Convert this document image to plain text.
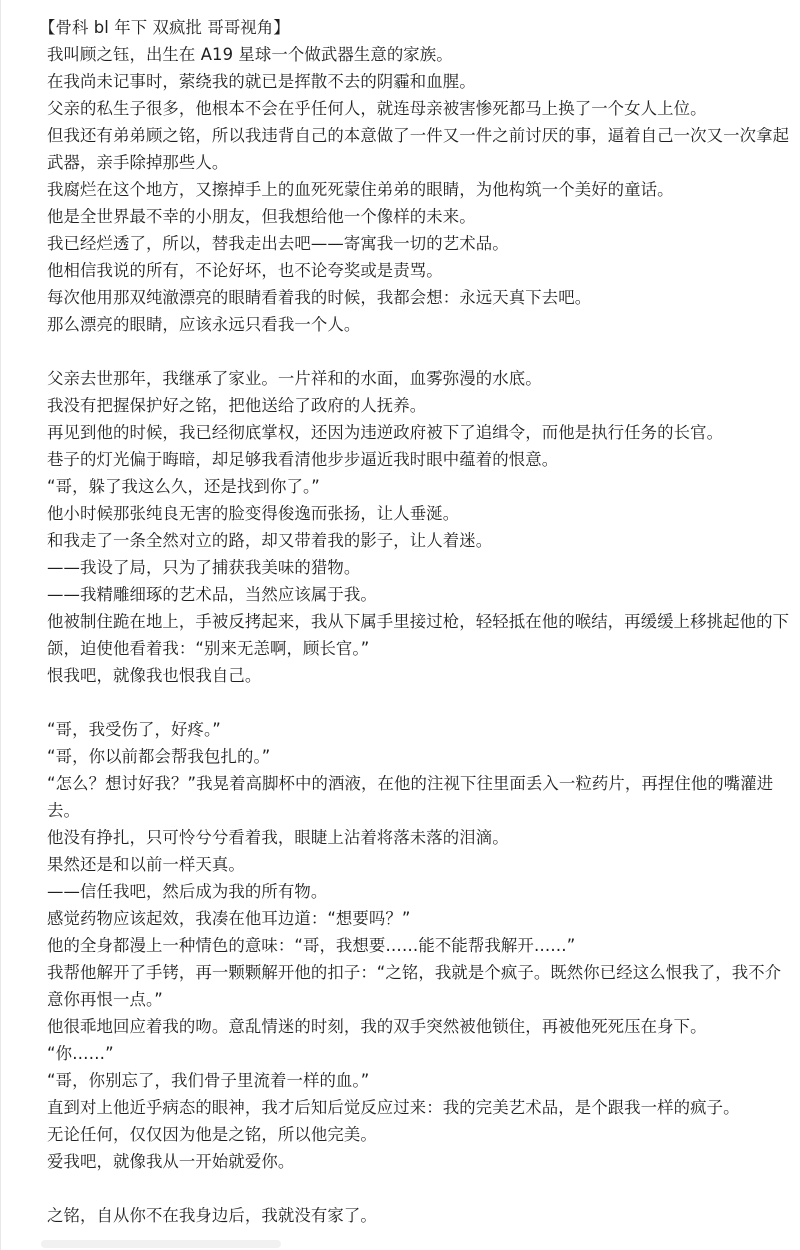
【骨科 bl 年下 双疯批 哥哥视角】

我叫顾之钰，出生在 A19 星球一个做武器生意的家族。

在我尚未记事时，萦绕我的就已是挥散不去的阴霾和血腥。

父亲的私生子很多，他根本不会在乎任何人，就连母亲被害惨死都马上换了一个女人上位。

但我还有弟弟顾之铭，所以我违背自己的本意做了一件又一件之前讨厌的事，逼着自己一次又一次拿起武器，亲手除掉那些人。

我腐烂在这个地方，又擦掉手上的血死死蒙住弟弟的眼睛，为他构筑一个美好的童话。

他是全世界最不幸的小朋友，但我想给他一个像样的未来。

我已经烂透了，所以，替我走出去吧——寄寓我一切的艺术品。

他相信我说的所有，不论好坏，也不论夸奖或是责骂。

每次他用那双纯澈漂亮的眼睛看着我的时候，我都会想：永远天真下去吧。

那么漂亮的眼睛，应该永远只看我一个人。

父亲去世那年，我继承了家业。一片祥和的水面，血雾弥漫的水底。

我没有把握保护好之铭，把他送给了政府的人抚养。

再见到他的时候，我已经彻底掌权，还因为违逆政府被下了追缉令，而他是执行任务的长官。

巷子的灯光偏于晦暗，却足够我看清他步步逼近我时眼中蕴着的恨意。

“哥，躲了我这么久，还是找到你了。”

他小时候那张纯良无害的脸变得俊逸而张扬，让人垂涎。

和我走了一条全然对立的路，却又带着我的影子，让人着迷。

——我设了局，只为了捕获我美味的猎物。

——我精雕细琢的艺术品，当然应该属于我。

他被制住跪在地上，手被反拷起来，我从下属手里接过枪，轻轻抵在他的喉结，再缓缓上移挑起他的下颌，迫使他看着我：“别来无恙啊，顾长官。”

恨我吧，就像我也恨我自己。

“哥，我受伤了，好疼。”

“哥，你以前都会帮我包扎的。”

“怎么？想讨好我？”我晃着高脚杯中的酒液，在他的注视下往里面丢入一粒药片，再捏住他的嘴灌进去。

他没有挣扎，只可怜兮兮看着我，眼睫上沾着将落未落的泪滴。

果然还是和以前一样天真。

——信任我吧，然后成为我的所有物。

感觉药物应该起效，我凑在他耳边道：“想要吗？”

他的全身都漫上一种情色的意味：“哥，我想要……能不能帮我解开……”

我帮他解开了手铐，再一颗颗解开他的扣子：“之铭，我就是个疯子。既然你已经这么恨我了，我不介意你再恨一点。”

他很乖地回应着我的吻。意乱情迷的时刻，我的双手突然被他锁住，再被他死死压在身下。

“你……”

“哥，你别忘了，我们骨子里流着一样的血。”

直到对上他近乎病态的眼神，我才后知后觉反应过来：我的完美艺术品，是个跟我一样的疯子。

无论任何，仅仅因为他是之铭，所以他完美。

爱我吧，就像我从一开始就爱你。

之铭，自从你不在我身边后，我就没有家了。
